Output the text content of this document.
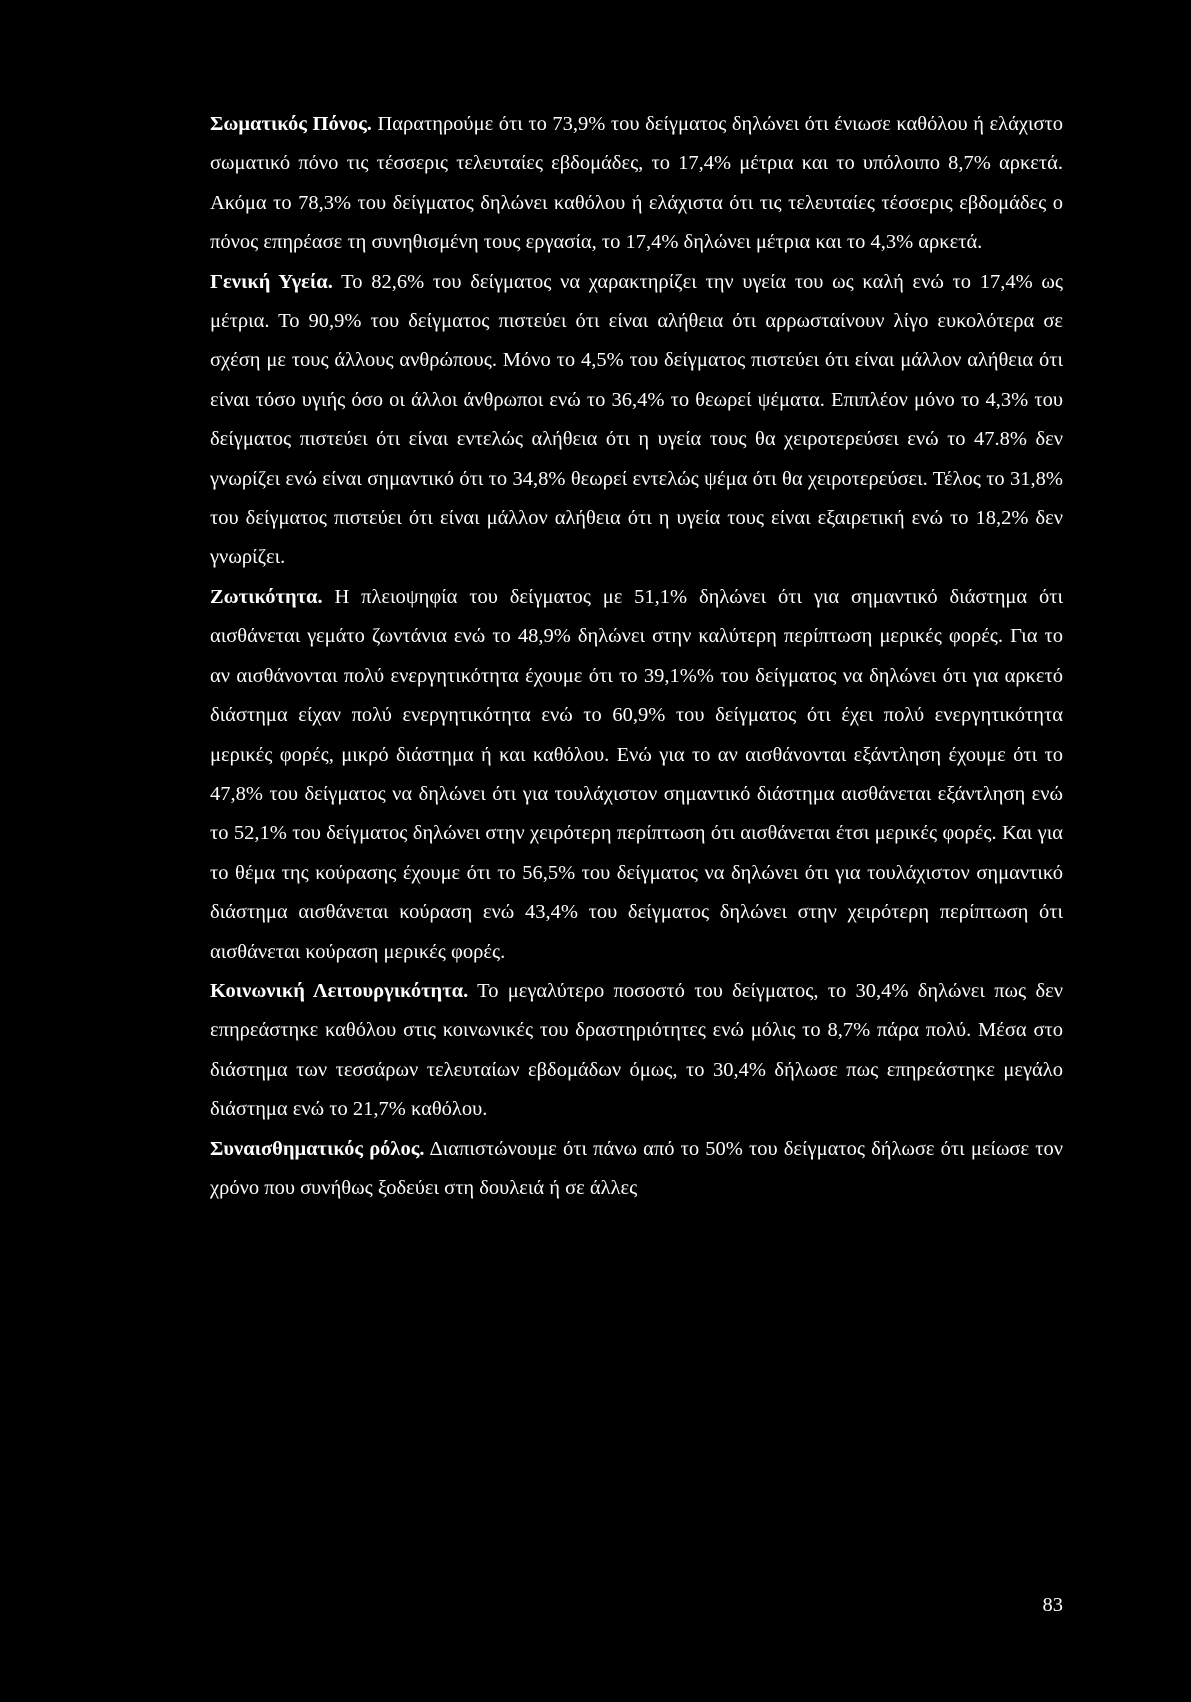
Σωματικός Πόνος. Παρατηρούμε ότι το 73,9% του δείγματος δηλώνει ότι ένιωσε καθόλου ή ελάχιστο σωματικό πόνο τις τέσσερις τελευταίες εβδομάδες, το 17,4% μέτρια και το υπόλοιπο 8,7% αρκετά. Ακόμα το 78,3% του δείγματος δηλώνει καθόλου ή ελάχιστα ότι τις τελευταίες τέσσερις εβδομάδες ο πόνος επηρέασε τη συνηθισμένη τους εργασία, το 17,4% δηλώνει μέτρια και το 4,3% αρκετά.

Γενική Υγεία. Το 82,6% του δείγματος να χαρακτηρίζει την υγεία του ως καλή ενώ το 17,4% ως μέτρια. Το 90,9% του δείγματος πιστεύει ότι είναι αλήθεια ότι αρρωσταίνουν λίγο ευκολότερα σε σχέση με τους άλλους ανθρώπους. Μόνο το 4,5% του δείγματος πιστεύει ότι είναι μάλλον αλήθεια ότι είναι τόσο υγιής όσο οι άλλοι άνθρωποι ενώ το 36,4% το θεωρεί ψέματα. Επιπλέον μόνο το 4,3% του δείγματος πιστεύει ότι είναι εντελώς αλήθεια ότι η υγεία τους θα χειροτερεύσει ενώ το 47.8% δεν γνωρίζει ενώ είναι σημαντικό ότι το 34,8% θεωρεί εντελώς ψέμα ότι θα χειροτερεύσει. Τέλος το 31,8% του δείγματος πιστεύει ότι είναι μάλλον αλήθεια ότι η υγεία τους είναι εξαιρετική ενώ το 18,2% δεν γνωρίζει.

Ζωτικότητα. Η πλειοψηφία του δείγματος με 51,1% δηλώνει ότι για σημαντικό διάστημα ότι αισθάνεται γεμάτο ζωντάνια ενώ το 48,9% δηλώνει στην καλύτερη περίπτωση μερικές φορές. Για το αν αισθάνονται πολύ ενεργητικότητα έχουμε ότι το 39,1%% του δείγματος να δηλώνει ότι για αρκετό διάστημα είχαν πολύ ενεργητικότητα ενώ το 60,9% του δείγματος ότι έχει πολύ ενεργητικότητα μερικές φορές, μικρό διάστημα ή και καθόλου. Ενώ για το αν αισθάνονται εξάντληση έχουμε ότι το 47,8% του δείγματος να δηλώνει ότι για τουλάχιστον σημαντικό διάστημα αισθάνεται εξάντληση ενώ το 52,1% του δείγματος δηλώνει στην χειρότερη περίπτωση ότι αισθάνεται έτσι μερικές φορές. Και για το θέμα της κούρασης έχουμε ότι το 56,5% του δείγματος να δηλώνει ότι για τουλάχιστον σημαντικό διάστημα αισθάνεται κούραση ενώ 43,4% του δείγματος δηλώνει στην χειρότερη περίπτωση ότι αισθάνεται κούραση μερικές φορές.

Κοινωνική Λειτουργικότητα. Το μεγαλύτερο ποσοστό του δείγματος, το 30,4% δηλώνει πως δεν επηρεάστηκε καθόλου στις κοινωνικές του δραστηριότητες ενώ μόλις το 8,7% πάρα πολύ. Μέσα στο διάστημα των τεσσάρων τελευταίων εβδομάδων όμως, το 30,4% δήλωσε πως επηρεάστηκε μεγάλο διάστημα ενώ το 21,7% καθόλου.

Συναισθηματικός ρόλος. Διαπιστώνουμε ότι πάνω από το 50% του δείγματος δήλωσε ότι μείωσε τον χρόνο που συνήθως ξοδεύει στη δουλειά ή σε άλλες

83
